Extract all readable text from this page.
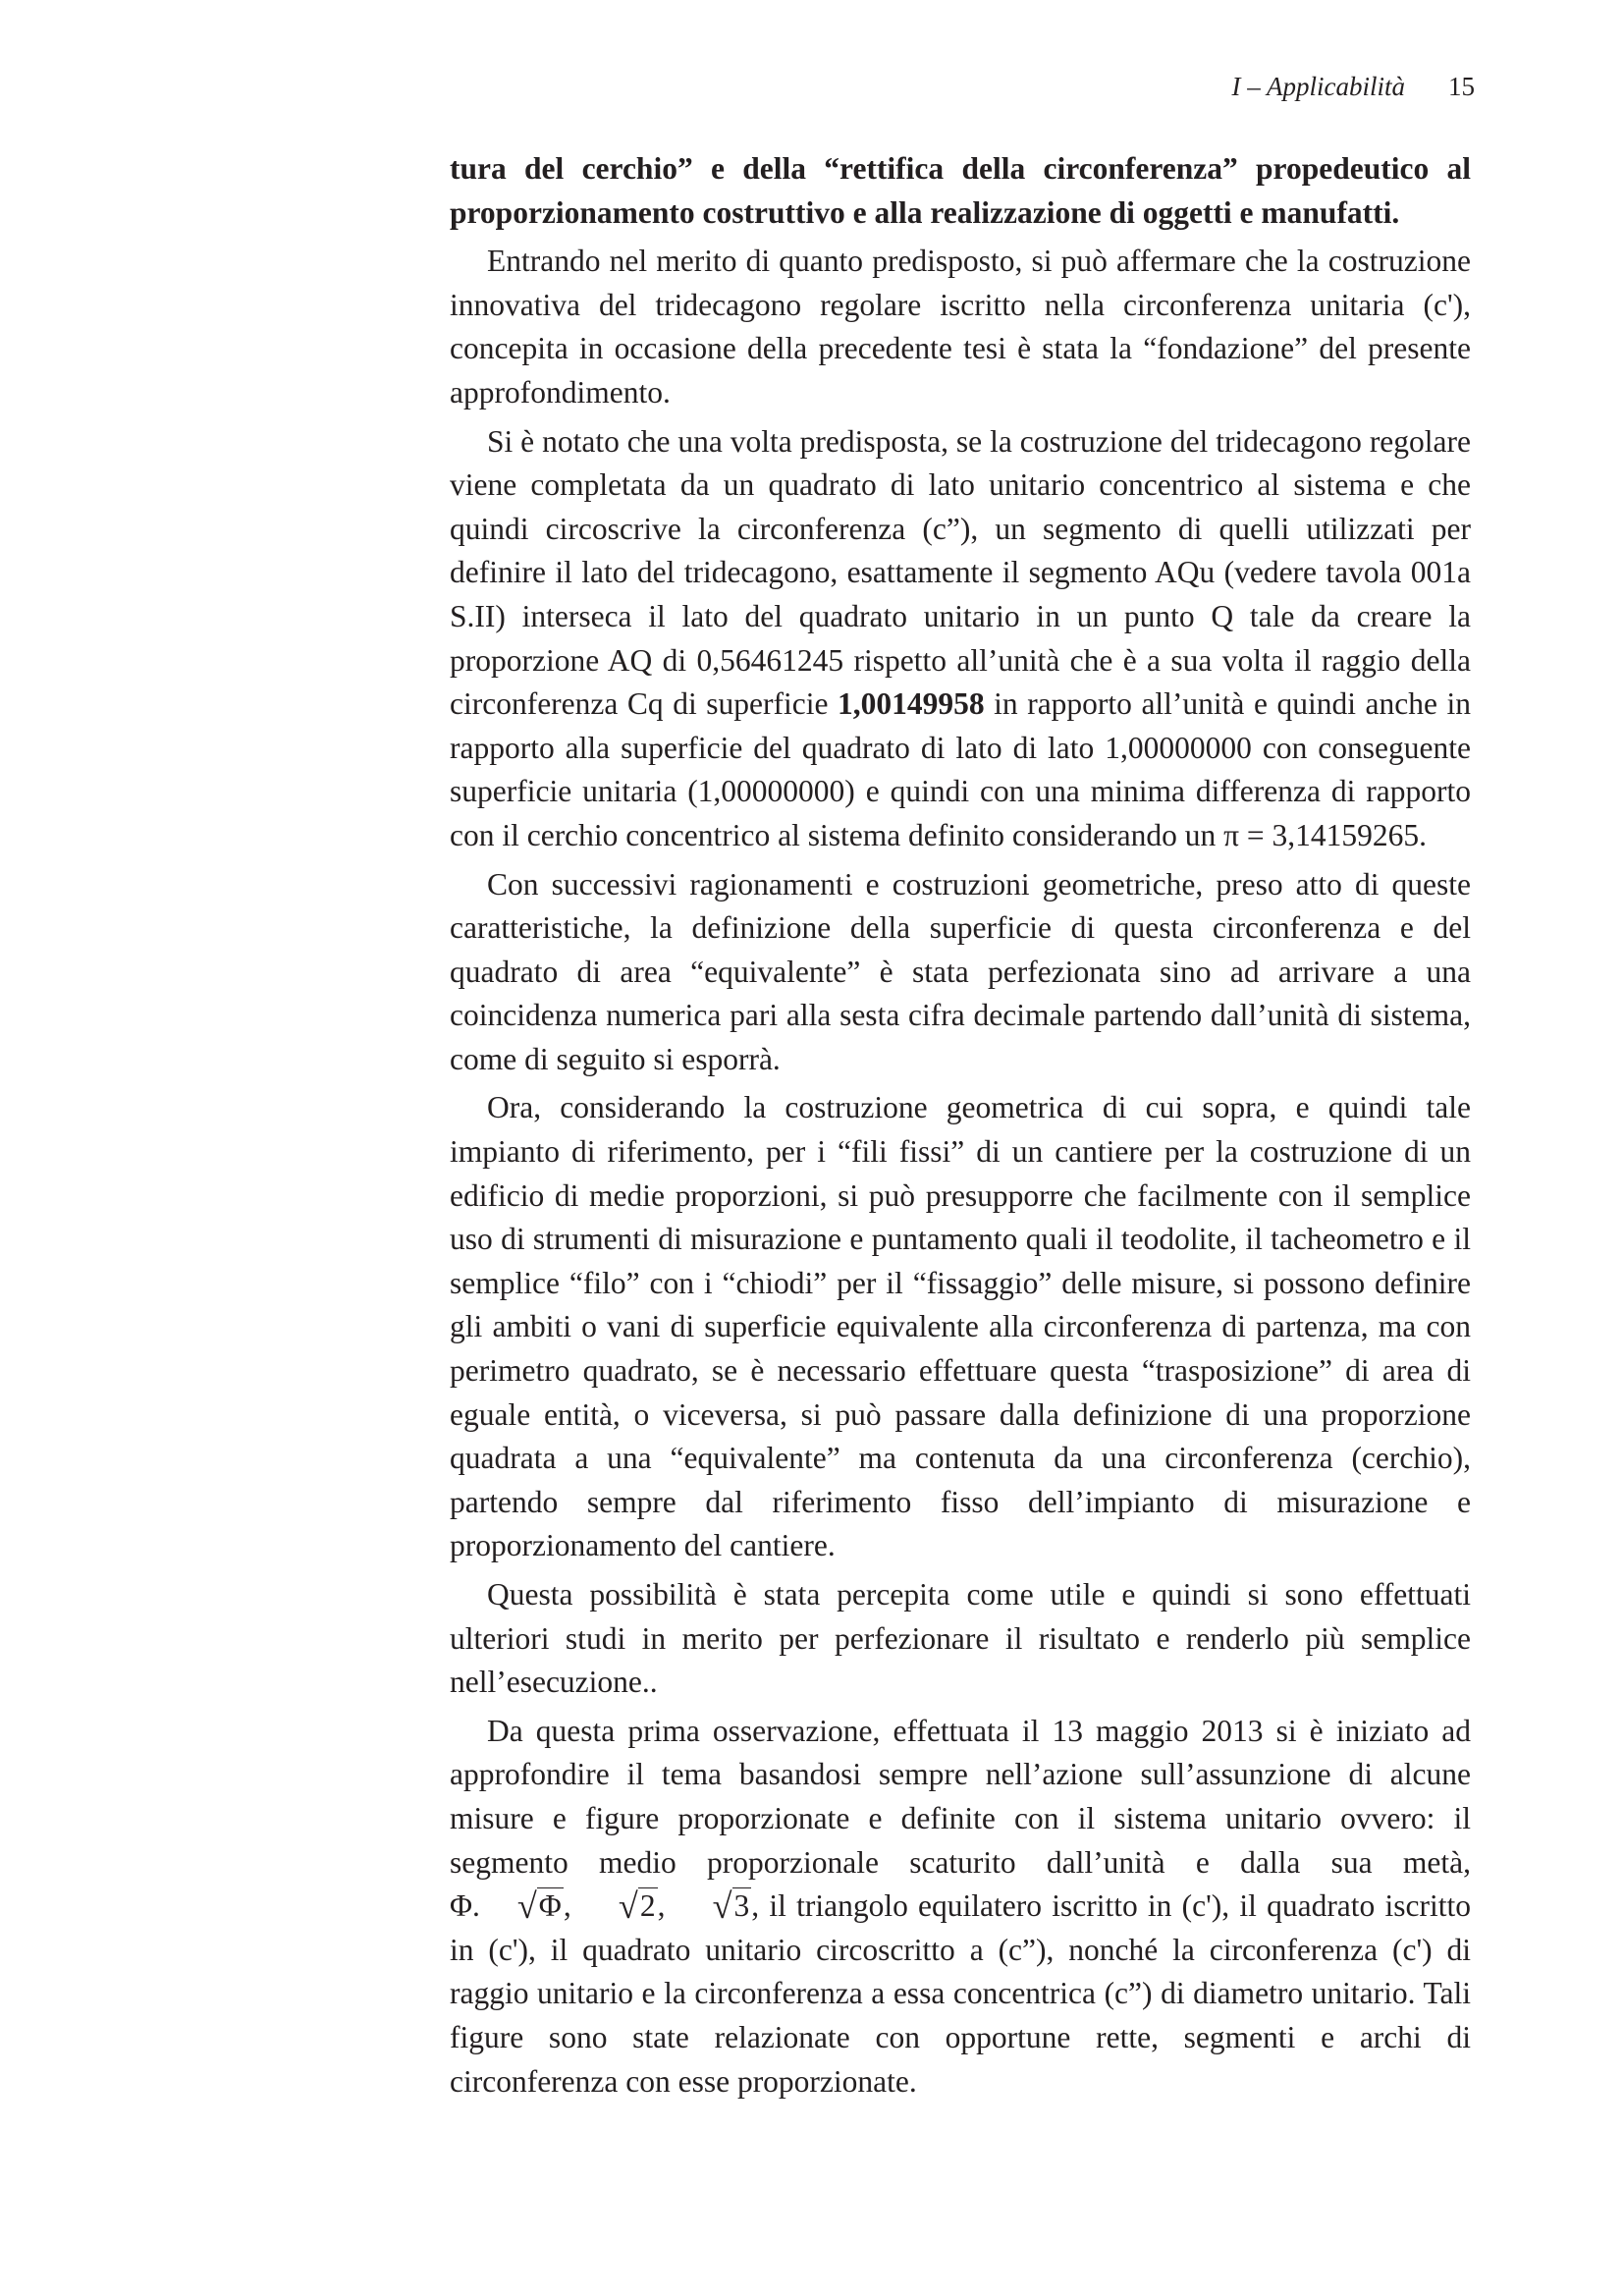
I – Applicabilità 15

tura del cerchio” e della “rettifica della circonferenza” propedeutico al proporzionamento costruttivo e alla realizzazione di oggetti e manufatti.

Entrando nel merito di quanto predisposto, si può affermare che la costruzione innovativa del tridecagono regolare iscritto nella circonferenza unitaria (c'), concepita in occasione della precedente tesi è stata la “fondazione” del presente approfondimento.

Si è notato che una volta predisposta, se la costruzione del tridecagono regolare viene completata da un quadrato di lato unitario concentrico al sistema e che quindi circoscrive la circonferenza (c”), un segmento di quelli utilizzati per definire il lato del tridecagono, esattamente il segmento AQu (vedere tavola 001a S.II) interseca il lato del quadrato unitario in un punto Q tale da creare la proporzione AQ di 0,56461245 rispetto all’unità che è a sua volta il raggio della circonferenza Cq di superficie 1,00149958 in rapporto all’unità e quindi anche in rapporto alla superficie del quadrato di lato di lato 1,00000000 con conseguente superficie unitaria (1,00000000) e quindi con una minima differenza di rapporto con il cerchio concentrico al sistema definito considerando un π = 3,14159265.

Con successivi ragionamenti e costruzioni geometriche, preso atto di queste caratteristiche, la definizione della superficie di questa circonferenza e del quadrato di area “equivalente” è stata perfezionata sino ad arrivare a una coincidenza numerica pari alla sesta cifra decimale partendo dall’unità di sistema, come di seguito si esporrà.

Ora, considerando la costruzione geometrica di cui sopra, e quindi tale impianto di riferimento, per i “fili fissi” di un cantiere per la costruzione di un edificio di medie proporzioni, si può presupporre che facilmente con il semplice uso di strumenti di misurazione e puntamento quali il teodolite, il tacheometro e il semplice “filo” con i “chiodi” per il “fissaggio” delle misure, si possono definire gli ambiti o vani di superficie equivalente alla circonferenza di partenza, ma con perimetro quadrato, se è necessario effettuare questa “trasposizione” di area di eguale entità, o viceversa, si può passare dalla definizione di una proporzione quadrata a una “equivalente” ma contenuta da una circonferenza (cerchio), partendo sempre dal riferimento fisso dell’impianto di misurazione e proporzionamento del cantiere.

Questa possibilità è stata percepita come utile e quindi si sono effettuati ulteriori studi in merito per perfezionare il risultato e renderlo più semplice nell’esecuzione..

Da questa prima osservazione, effettuata il 13 maggio 2013 si è iniziato ad approfondire il tema basandosi sempre nell’azione sull’assunzione di alcune misure e figure proporzionate e definite con il sistema unitario ovvero: il segmento medio proporzionale scaturito dall’unità e dalla sua metà, Φ. √Φ, √2, √3, il triangolo equilatero iscritto in (c'), il quadrato iscritto in (c'), il quadrato unitario circoscritto a (c”), nonché la circonferenza (c') di raggio unitario e la circonferenza a essa concentrica (c”) di diametro unitario. Tali figure sono state relazionate con opportune rette, segmenti e archi di circonferenza con esse proporzionate.
